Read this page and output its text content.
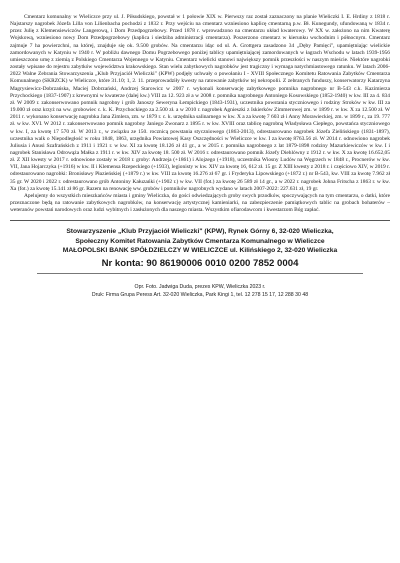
Cmentarz komunalny w Wieliczce przy ul. J. Piłsudskiego, powstał w 1 połowie XIX w. Pierwszy raz został zaznaczony na planie Wieliczki I. E. Hrdiny z 1818 r. Najstarszy nagrobek Józefa Lilla von Lilienbacha pochodzi z 1832 r. Przy wejściu na cmentarz wzniesiono kaplicę cmentarną p.w. Bł. Kunegundy, ufundowaną w 1834 r. przez Julię z Klemensiewiczów Langerową, i Dom Przedpogrzebowy. Przed 1878 r. wprowadzono na cmentarzu układ kwaterowy. W XX w. założono na nim Kwaterę Wojskową, wzniesiono nowy Dom Przedpogrzebowy (kaplica i siedziba administracji cmentarza). Poszerzono cmentarz w kierunku wschodnim i północnym. Cmentarz zajmuje 7 ha powierzchni, na której, znajduje się ok. 9.500 grobów. Na cmentarzu idąc od ul. A. Grottgera zasadzono 34 „Dęby Pamięci", upamiętniając wielickie zamordowanych w Katyniu w 1940 r. W pobliżu dawnego Domu Pogrzebowego poniżej tablicy upamiętniającej zamordowanych w łagrach Wschodu w latach 1939-1956 umieszczono urnę z ziemią z Polskiego Cmentarza Wojennego w Katyniu. Cmentarz wielicki stanowi największy pomnik przeszłości w naszym mieście. Niektóre nagrobki zostały wpisane do rejestru zabytków województwa krakowskiego. Stan wielu zabytkowych nagrobków jest tragiczny i wymaga natychmiastowego ratunku. W latach 2006-2022 Walne Zebrania Stowarzyszenia „Klub Przyjaciół Wieliczki" (KPW) podjęły uchwały o powołaniu I - XVIII Społecznego Komitetu Ratowania Zabytków Cmentarza Komunalnego (SKRZCK) w Wieliczce, które 31.10; 1, 2. 11. przeprowadziły kwesty na ratowanie zabytków tej nekropolii. Z zebranych funduszy, konserwatorzy Katarzyna Magrysiewicz-Dobrzańska, Maciej Dobrzański, Andrzej Starowicz w 2007 r. wykonali konserwację zabytkowego pomnika nagrobnego nr B-543 c.k. Kazimierza Przychockiego (1837-1907) z krewnymi w kwaterze (dalej kw.) VIII za 12. 923 zł a w 2008 r. pomnika nagrobnego Antoniego Kosowskiego (1852-1940) w kw. III za 4. 834 zł. W 2009 r. zakonserwowano pomnik nagrobny i grób Janoszy Seweryna Łempickiego (1843-1931), uczestnika powstania styczniowego i rodziny Stroków w kw. III za 19.000 zł oraz krzyż na ww. grobowiec c. k. K. Przychockiego za 2.500 zł. a w 2010 r. nagrobek Agnieszki z Iskierków Zimmerowej zm. w 1899 r. w kw. X za 12.500 zł. W 2011 r. wykonano konserwację nagrobka Jana Zimlera, zm. w 1879 r. c. k. urzędnika salinarnego w kw. X a za kwotę 7 603 zł i Anny Morawieckiej, zm. w 1899 r., za 19. 777 zł. w kw. XVI. W 2012 r. zakonserwowano pomnik nagrobny Janiego Zwonarz z 1895 r. w kw. XVIII oraz tablicę nagrobną Władysława Ciepłego, powstańca styczniowego w kw. I, za kwotę 17 570 zł. W 2013 r., w związku ze 150. rocznicą powstania styczniowego (1863-2013), odrestaurowano nagrobek Józefa Zielińskiego (1831-1897), uczestnika walk o Niepodległość w roku 1848, 1863, urzędnika Powiatowej Kasy Oszczędności w Wieliczce w kw. I za kwotę 8763.56 zł. W 2014 r. odnowiono nagrobek Juliusia i Anusi Szafrańskich z 1911 i 1921 r. w kw. XI za kwotę 18.126 zł 41 gr., a w 2015 r. pomnika nagrobnego z lat 1879-1898 rodziny Mazurkiewiczów w kw. I i nagrobek Stanisława Odrowąża Małka z 1911 r. w kw. XIV za kwotę 18. 500 zł. W 2016 r. odrestaurowano pomnik Józefy Diehlówny z 1912 r. w kw. X za kwotę 16.652,05 zł. Z XII kwesty w 2017 r. odnowione zostały w 2018 r. groby: Andrzeja (+1861) i Alojzego (+1918), uczestnika Wiosny Ludów na Węgrzech w 1848 r., Procnerów w kw. VII, Jana Hojarczyka (+1916) w kw. II i Klemensa Rzepeckiego (+1933), legionisty w kw. XIV za kwotę 16, 612 zł. 15 gr. Z XIII kwesty z 2018 r. i częściowo XIV, w 2019 r. odrestaurowano nagrobki: Bronisławy Płazieńskiej (+1879 r.) w kw. VIII za kwotę 16.276 zł 67 gr. i Fryderyka Lipowskiego (+1872 r.) nr B-543, kw. VIII za kwotę 7.962 zł 35 gr. W 2020 i 2022 r. odrestaurowano grób Antoniny Kałuzańki (+1902 r.) w kw. VII (fot.) za kwotę 26 589 zł 14 gr., a w 2022 r. nagrobek Johna Fritscha z 1863 r. w kw. Xa (fot.) za kwotę 15.141 zł 86 gr. Razem na renowację ww. grobów i pomników nagrobnych wydano w latach 2007-2022: 227.631 zł, 19 gr.

Apelujemy do wszystkich mieszkańców miasta i gminy Wieliczka, do gości odwiedzających groby swych przodków, spoczywających na tym cmentarzu, o datki, które przeznaczone będą na ratowanie zabytkowych nagrobków, na konserwację artystycznej kamieniarki, na zabezpieczenie pamiątkowych tablic na grobach bohaterów – weteranów powstań narodowych oraz ludzi wybitnych i zasłużonych dla naszego miasta. Wszystkim ofiarodawcom i kwestarzom Bóg zapłać.

Stowarzyszenie „Klub Przyjaciół Wieliczki" (KPW), Rynek Górny 6, 32-020 Wieliczka,
Społeczny Komitet Ratowania Zabytków Cmentarza Komunalnego w Wieliczce
MAŁOPOLSKI BANK SPÓŁDZIELCZY W WIELICZCE ul. Kilińskiego 2, 32-020 Wieliczka
Nr konta: 90 86190006 0010 0200 7852 0004
Opr. Foto. Jadwiga Duda, prezes KPW, Wieliczka 2023 r.
Druk: Firma Grupa Peress Art. 32-020 Wieliczka, Park Kingi 1, tel. 12 278 15 17, 12 288 30 48
